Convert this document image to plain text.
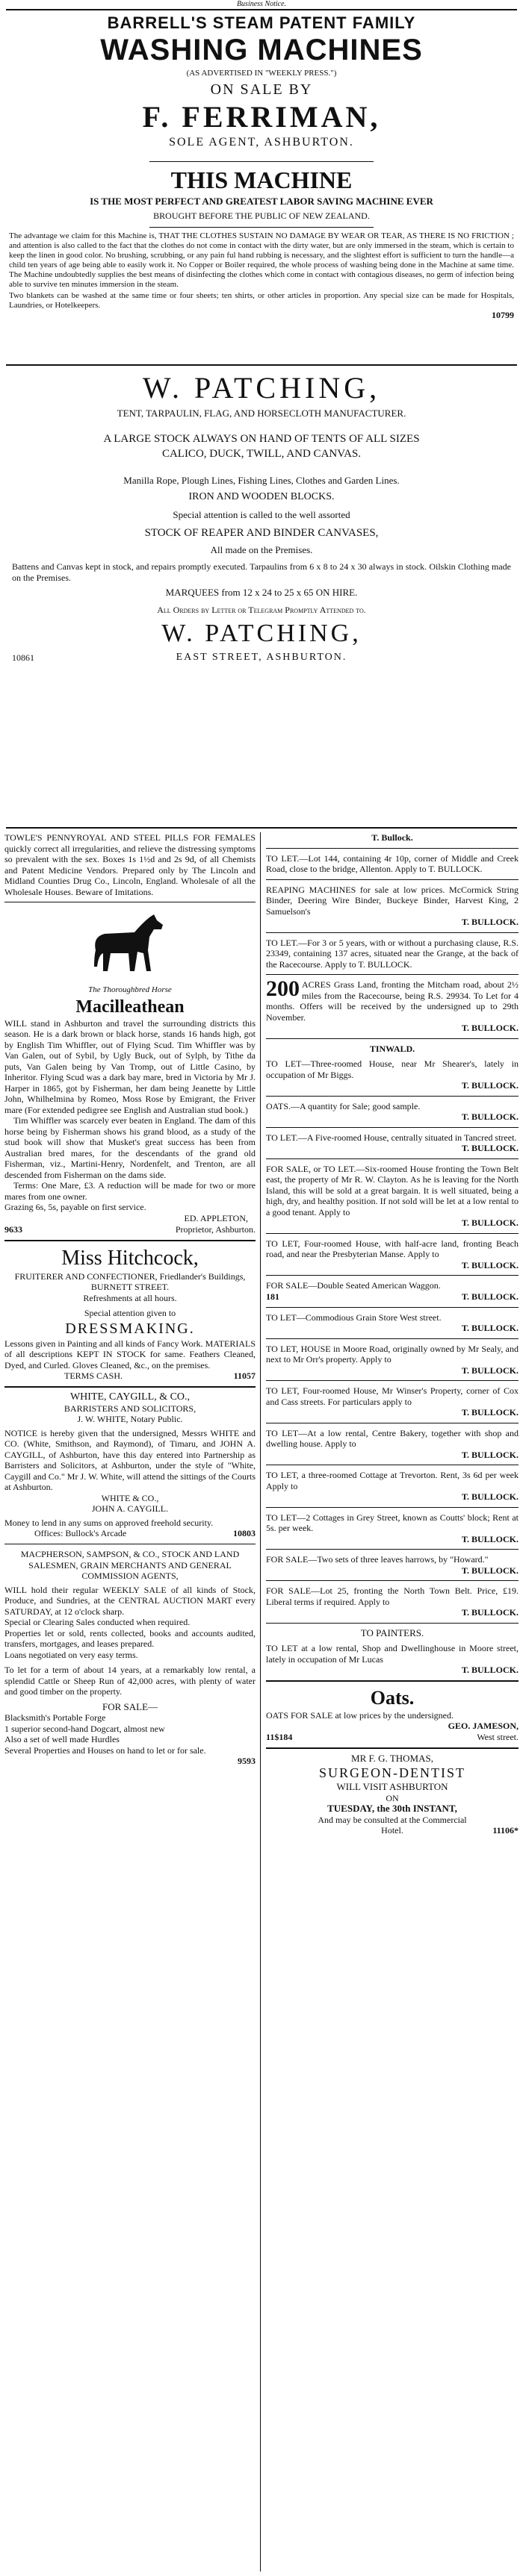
Business Notice.
BARRELL'S STEAM PATENT FAMILY
WASHING MACHINES
(AS ADVERTISED IN "WEEKLY PRESS.")
ON SALE BY
F. FERRIMAN,
SOLE AGENT, ASHBURTON.
THIS MACHINE
IS THE MOST PERFECT AND GREATEST LABOR SAVING MACHINE EVER
BROUGHT BEFORE THE PUBLIC OF NEW ZEALAND.

The advantage we claim for this Machine is, THAT THE CLOTHES SUSTAIN NO DAMAGE BY WEAR OR TEAR, AS THERE IS NO FRICTION ; and attention is also called to the fact that the clothes do not come in contact with the dirty water, but are only immersed in the steam, which is certain to keep the linen in good color. No brushing, scrubbing, or any pain ful hand rubbing is necessary, and the slightest effort is sufficient to turn the handle—a child ten years of age being able to easily work it. No Copper or Boiler required, the whole process of washing being done in the Machine at same time. The Machine undoubtedly supplies the best means of disinfecting the clothes which come in contact with contagious diseases, no germ of infection being able to survive ten minutes immersion in the steam.

Two blankets can be washed at the same time or four sheets; ten shirts, or other articles in proportion. Any special size can be made for Hospitals, Laundries, or Hotelkeepers.

10799

W. PATCHING,
TENT, TARPAULIN, FLAG, AND HORSECLOTH MANUFACTURER.
A LARGE STOCK ALWAYS ON HAND OF TENTS OF ALL SIZES
CALICO, DUCK, TWILL, AND CANVAS.
Manilla Rope, Plough Lines, Fishing Lines, Clothes and Garden Lines.
IRON AND WOODEN BLOCKS.
Special attention is called to the well assorted
STOCK OF REAPER AND BINDER CANVASES,
All made on the Premises.
Battens and Canvas kept in stock, and repairs promptly executed. Tarpaulins from 6 x 8 to 24 x 30 always in stock. Oilskin Clothing made on the Premises.
MARQUEES from 12 x 24 to 25 x 65 ON HIRE.
All Orders by Letter or Telegram Promptly Attended to.
W. PATCHING,
10861	EAST STREET, ASHBURTON.

TOWLE'S PENNYROYAL AND STEEL PILLS FOR FEMALES quickly correct all irregularities, and relieve the distressing symptoms so prevalent with the sex. Boxes 1s 1½d and 2s 9d, of all Chemists and Patent Medicine Vendors. Prepared only by The Lincoln and Midland Counties Drug Co., Lincoln, England. Wholesale of all the Wholesale Houses. Beware of Imitations.

The Thoroughbred Horse
Macilleathean

WILL stand in Ashburton and travel the surrounding districts this season. He is a dark brown or black horse, stands 16 hands high, got by English Tim Whiffler, out of Flying Scud. Tim Whiffler was by Van Galen, out of Sybil, by Ugly Buck, out of Sylph, by Tithe da puts, Van Galen being by Van Tromp, out of Little Casino, by Inheritor. Flying Scud was a dark bay mare, bred in Victoria by Mr J. Harper in 1865, got by Fisherman, her dam being Jeanette by Little John, Whilhelmina by Romeo, Moss Rose by Emigrant, the Friver mare (For extended pedigree see English and Australian stud book.)

Tim Whiffler was scarcely ever beaten in England. The dam of this horse being by Fisherman shows his grand blood, as a study of the stud book will show that Musket's great success has been from Australian bred mares, for the descendants of the grand old Fisherman, viz., Martini-Henry, Nordenfelt, and Trenton, are all descended from Fisherman on the dams side.

Terms: One Mare, £3. A reduction will be made for two or more mares from one owner.

Grazing 6s, 5s, payable on first service.

ED. APPLETON,
9633	Proprietor, Ashburton.
Miss Hitchcock,
FRUITERER AND CONFECTIONER, Friedlander's Buildings, BURNETT STREET.
Refreshments at all hours.
Special attention given to
DRESSMAKING.

Lessons given in Painting and all kinds of Fancy Work. MATERIALS of all descriptions KEPT IN STOCK for same. Feathers Cleaned, Dyed, and Curled. Gloves Cleaned, &c., on the premises.

TERMS CASH.	11057
WHITE, CAYGILL, & CO.,
BARRISTERS AND SOLICITORS,
J. W. WHITE, Notary Public.

NOTICE is hereby given that the undersigned, Messrs WHITE and CO. (White, Smithson, and Raymond), of Timaru, and JOHN A. CAYGILL, of Ashburton, have this day entered into Partnership as Barristers and Solicitors, at Ashburton, under the style of "White, Caygill and Co." Mr J. W. White, will attend the sittings of the Courts at Ashburton.

WHITE & CO.,
JOHN A. CAYGILL.

Money to lend in any sums on approved freehold security.

Offices: Bullock's Arcade	10803
MACPHERSON, SAMPSON, & CO., STOCK AND LAND SALESMEN, GRAIN MERCHANTS AND GENERAL COMMISSION AGENTS,

WILL hold their regular WEEKLY SALE of all kinds of Stock, Produce, and Sundries, at the CENTRAL AUCTION MART every SATURDAY, at 12 o'clock sharp.

Special or Clearing Sales conducted when required.

Properties let or sold, rents collected, books and accounts audited, transfers, mortgages, and leases prepared.

Loans negotiated on very easy terms.

To let for a term of about 14 years, at a remarkably low rental, a splendid Cattle or Sheep Run of 42,000 acres, with plenty of water and good timber on the property.

FOR SALE—

Blacksmith's Portable Forge
1 superior second-hand Dogcart, almost new
Also a set of well made Hurdles
Several Properties and Houses on hand to let or for sale.

9593
T. Bullock.

TO LET.—Lot 144, containing 4r 10p, corner of Middle and Creek Road, close to the bridge, Allenton. Apply to T. BULLOCK.

REAPING MACHINES for sale at low prices. McCormick String Binder, Deering Wire Binder, Buckeye Binder, Harvest King, 2 Samuelson's

T. BULLOCK.

TO LET.—For 3 or 5 years, with or without a purchasing clause, R.S. 23349, containing 137 acres, situated near the Grange, at the back of the Racecourse. Apply to T. BULLOCK.

200 ACRES Grass Land, fronting the Mitcham road, about 2½ miles from the Racecourse, being R.S. 29934. To Let for 4 months. Offers will be received by the undersigned up to 29th November.

T. BULLOCK.
TINWALD.

TO LET—Three-roomed House, near Mr Shearer's, lately in occupation of Mr Biggs.

T. BULLOCK.

OATS.—A quantity for Sale; good sample.

T. BULLOCK.

TO LET.—A Five-roomed House, centrally situated in Tancred street.

T. BULLOCK.

FOR SALE, or TO LET.—Six-roomed House fronting the Town Belt east, the property of Mr R. W. Clayton. As he is leaving for the North Island, this will be sold at a great bargain. It is well situated, being a high, dry, and healthy position. If not sold will be let at a low rental to a good tenant. Apply to

T. BULLOCK.

TO LET, Four-roomed House, with half-acre land, fronting Beach road, and near the Presbyterian Manse. Apply to

T. BULLOCK.

FOR SALE—Double Seated American Waggon.

181	T. BULLOCK.

TO LET—Commodious Grain Store West street.

T. BULLOCK.

TO LET, HOUSE in Moore Road, originally owned by Mr Sealy, and next to Mr Orr's property. Apply to

T. BULLOCK.

TO LET, Four-roomed House, Mr Winser's Property, corner of Cox and Cass streets. For particulars apply to

T. BULLOCK.

TO LET—At a low rental, Centre Bakery, together with shop and dwelling house. Apply to

T. BULLOCK.

TO LET, a three-roomed Cottage at Trevorton. Rent, 3s 6d per week Apply to

T. BULLOCK.

TO LET—2 Cottages in Grey Street, known as Coutts' block; Rent at 5s. per week.

T. BULLOCK.

FOR SALE—Two sets of three leaves harrows, by "Howard."

T. BULLOCK.

FOR SALE—Lot 25, fronting the North Town Belt. Price, £19. Liberal terms if required. Apply to

T. BULLOCK.
TO PAINTERS.

TO LET at a low rental, Shop and Dwellinghouse in Moore street, lately in occupation of Mr Lucas

T. BULLOCK.
Oats.

OATS FOR SALE at low prices by the undersigned.

GEO. JAMESON,
11$184	West street.
MR F. G. THOMAS,
SURGEON-DENTIST
WILL VISIT ASHBURTON
ON
TUESDAY, the 30th INSTANT,
And may be consulted at the Commercial
Hotel.	11106*
